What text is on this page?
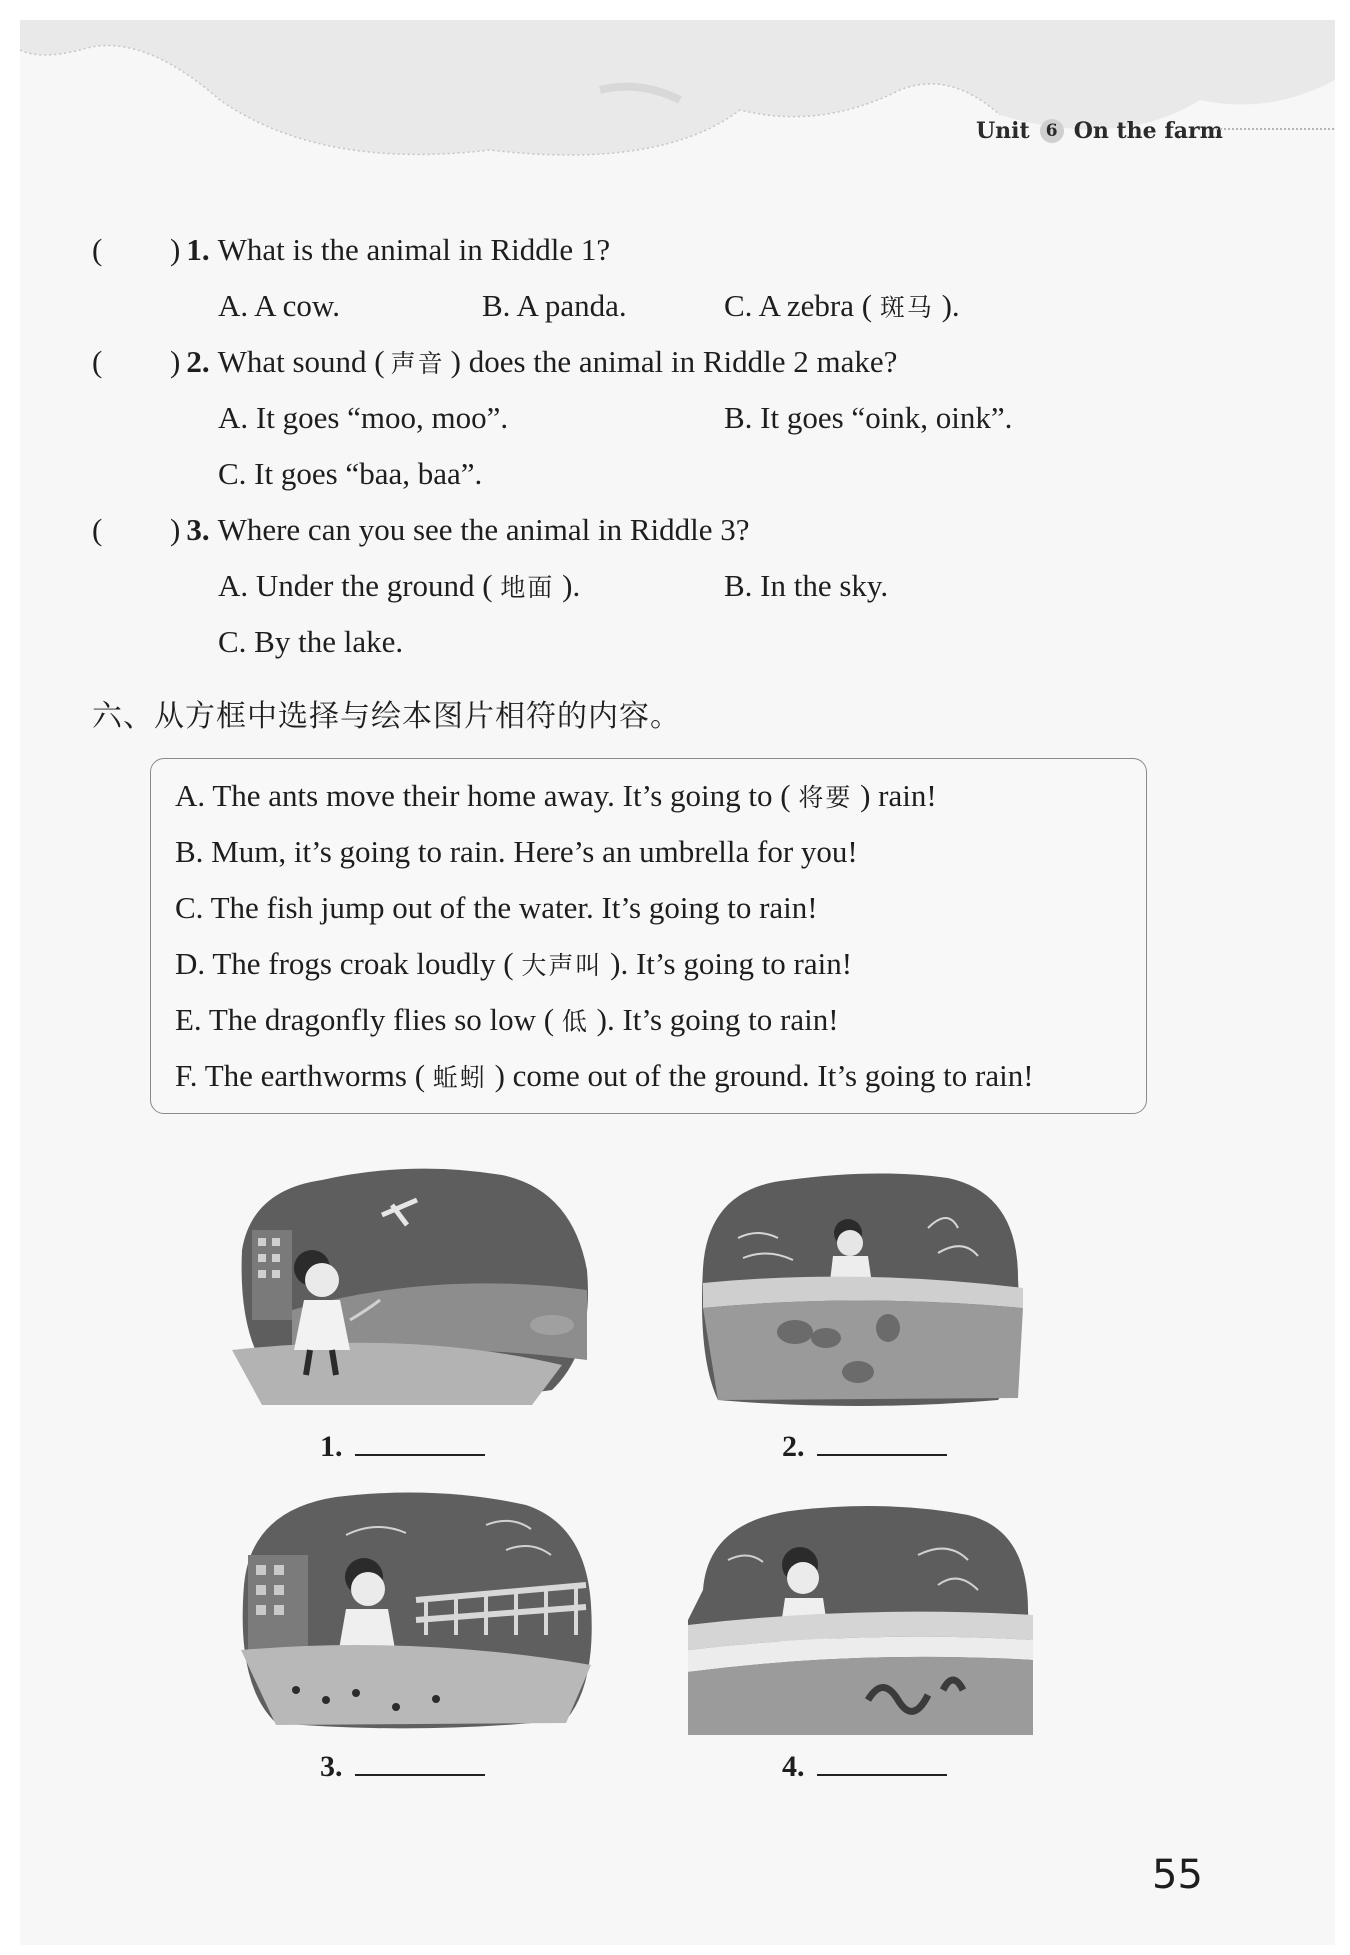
Unit 6 On the farm
(	) 1. What is the animal in Riddle 1?
A. A cow.	B. A panda.	C. A zebra ( 斑马 ).
(	) 2. What sound ( 声音 ) does the animal in Riddle 2 make?
A. It goes “moo, moo”.	B. It goes “oink, oink”.
C. It goes “baa, baa”.
(	) 3. Where can you see the animal in Riddle 3?
A. Under the ground ( 地面 ).	B. In the sky.
C. By the lake.
六、从方框中选择与绘本图片相符的内容。
A. The ants move their home away. It’s going to ( 将要 ) rain!
B. Mum, it’s going to rain. Here’s an umbrella for you!
C. The fish jump out of the water. It’s going to rain!
D. The frogs croak loudly ( 大声叫 ). It’s going to rain!
E. The dragonfly flies so low ( 低 ). It’s going to rain!
F. The earthworms ( 蚯蚓 ) come out of the ground. It’s going to rain!
1.	2.
3.	4.
55
